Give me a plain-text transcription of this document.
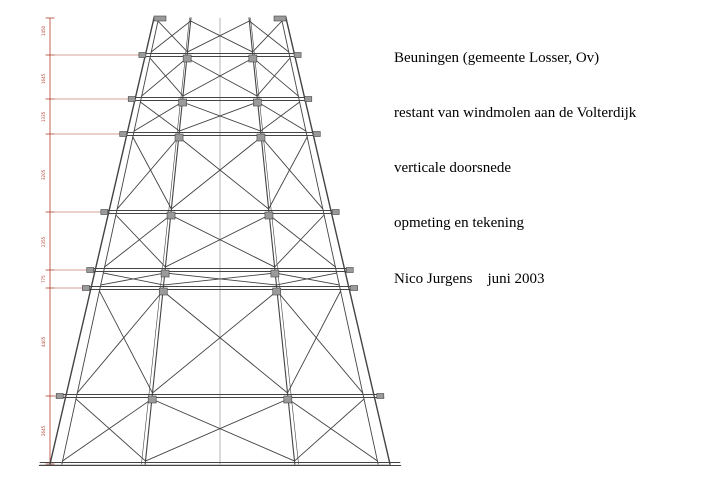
1450
1645
1335
3205
2355
775
4405
2645

Beuningen (gemeente Losser, Ov)

restant van windmolen aan de Volterdijk

verticale doorsnede

opmeting en tekening

Nico Jurgens    juni 2003
